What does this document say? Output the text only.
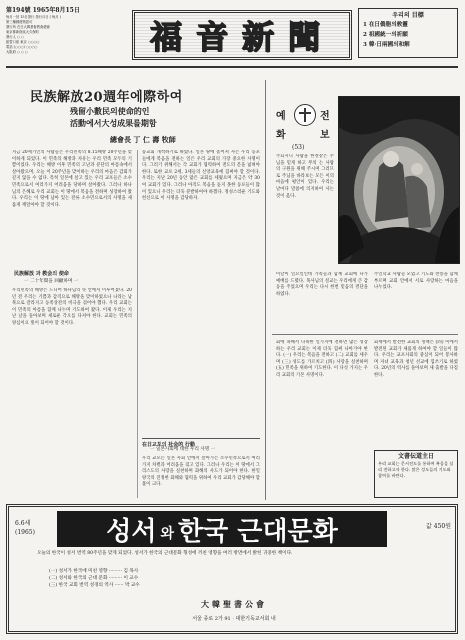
第194號 1965年8月15日
毎月一回 15日発行 発行月日 ( 毎月 )
第三種郵便物認可
發行所 在日大韓基督教會總會
東京都新宿區大久保町
發行人 ○ ○
振替口座 東京 ○○○○
電話 (○○○) ○○○○
大阪府 ○ ○ ○	福音新聞
우리의 目標
1 在日僑胞의敎靈
2 祖國統一의祈願
3 韓·日兩國의和解
民族解放20週年에際하여
残留小數民의使命的인
活動에서大성成果를期함
總會長 丁 仁 壽 牧師
지금 20세기인의 사람들은 우리민족의 8.15해방 20주년을 맞이하게 되었다. 이 민족의 해방과 자유는 우리 민족 모두의 기쁨이었다. 우리는 해방 이후 민족의 고난과 분단의 아픔속에서 살아왔으며, 오늘 이 20주년을 맞이하는 우리의 마음은 감회가 깊지 않을 수 없다. 특히 일본에 살고 있는 우리 교포들은 소수민족으로서 여러가지 어려움을 당하며 살아왔다. 그러나 하나님의 은혜로 우리 교회는 이 땅에서 복음을 전하며 성장하여 왔다. 우리는 이 땅에 남아 있는 잔류 소수민으로서의 사명을 새롭게 깨달아야 할 것이다.
民族解放 과 教会의 使命
一 二十年間을 回顧하며 一
우리민족의 해방은 드디어 하나님의 뜻 안에서 이루어졌다. 20년 전 우리는 기쁨과 감격으로 해방을 맞이하였으나 나라는 남북으로 갈라지고 동족상잔의 비극을 겪어야 했다. 우리 교회는 이 민족의 아픔을 함께 나누며 기도하여 왔다. 이제 우리는 지난 날을 돌아보며 새로운 각오를 다져야 한다. 교회는 민족의 양심이요 빛이 되어야 할 것이다.
등교회 개척하기로 하였다. 일본 땅에 흩어져 사는 우리 동포들에게 복음을 전하는 일은 우리 교회의 가장 중요한 사명이다. 그러기 위해서는 각 교회가 협력하여 전도의 문을 넓혀야 한다. 또한 교포 2세, 3세들의 신앙교육에 힘써야 할 것이다. 우리는 지난 20년 동안 많은 교회를 세웠으며 지금은 약 30여 교회가 있다. 그러나 아직도 복음을 듣지 못한 동포들이 많이 있으니 우리는 더욱 분발하여야 하겠다. 정성스러운 기도와 헌신으로 이 사명을 감당하자.
在日교포의 社会的 行動
一 일본사회에 대한 우리 사명 一
우리 교포는 일본 사회 안에서 살아가는 소수민족으로서 여러 가지 차별과 어려움을 겪고 있다. 그러나 우리는 이 땅에서 그리스도의 사랑을 실천하며 화해의 사도가 되어야 한다. 한일 양국의 진정한 화해와 협력을 위하여 우리 교회가 감당해야 할 몫이 크다.
예	전
화	보
(53)
주되시니 사람을 한결같은 주님을 믿게 하고 무의 는 사람의 구원을 위해 주시며 그러므로 주님을 바라보는 모든 이의 마음에 평안이 있다. 우리는 날마다 말씀에 의지하여 사는 것이 옳다.
이날이 일요일인데 가족들과 함께 교회에 나가 예배를 드렸다. 목사님의 설교는 우리에게 큰 감동을 주었으며 우리는 다시 한번 믿음의 결단을 하였다.
주일학교 사람들 모였고 기도와 찬송을 함께 부르며 교회 안에서 서로 사랑하는 마음을 나누었다.
회에 속해서 다목한 일가지에 전하면 많은 성장하는 우리 교회는 이제 더욱 힘써 나아가야 한다. (一) 우리는 복음을 전하고 (二) 교회를 세우며 (三) 성도를 가르치고 (四) 사랑을 실천하며 (五) 민족을 위하여 기도한다. 이 다섯 가지는 우리 교회의 기본 사명이다.
회세에서 발전한 교회의 정책은 (四) 미에서 발전된 교회가 새롭게 하여야 할 일들이 많다. 우리는 교포사회의 중심이 되어 봉사하며 자녀 교육과 청년 선교에 힘쓰기로 하였다. 20년의 역사를 돌아보며 새 출발을 다짐한다.
文書伝道主日
우리 교회는 문서전도를 통하여 복음을 널리 전하고자 한다. 많은 성도들의 기도와 참여를 바란다.
6.6세
(1965)	성서 와 한국 근대문화	값 450원
오늘의 한국이 성서 번역 80주년을 맞게 되었다. 성서가 한국의 근대문화 형성에 끼친 영향을 여러 방면에서 밝힌 귀중한 책이다.
(一) 성서가 한국에 미친 영향 ········· 김 목사
(二) 성서와 한국의 근대 문화 ········· 이 교수
(三) 한국 교회 번역 성경의 역사 ······ 박 교수
大韓聖書公會
서울 종로 2가 91 · 대한기독교서회 내
